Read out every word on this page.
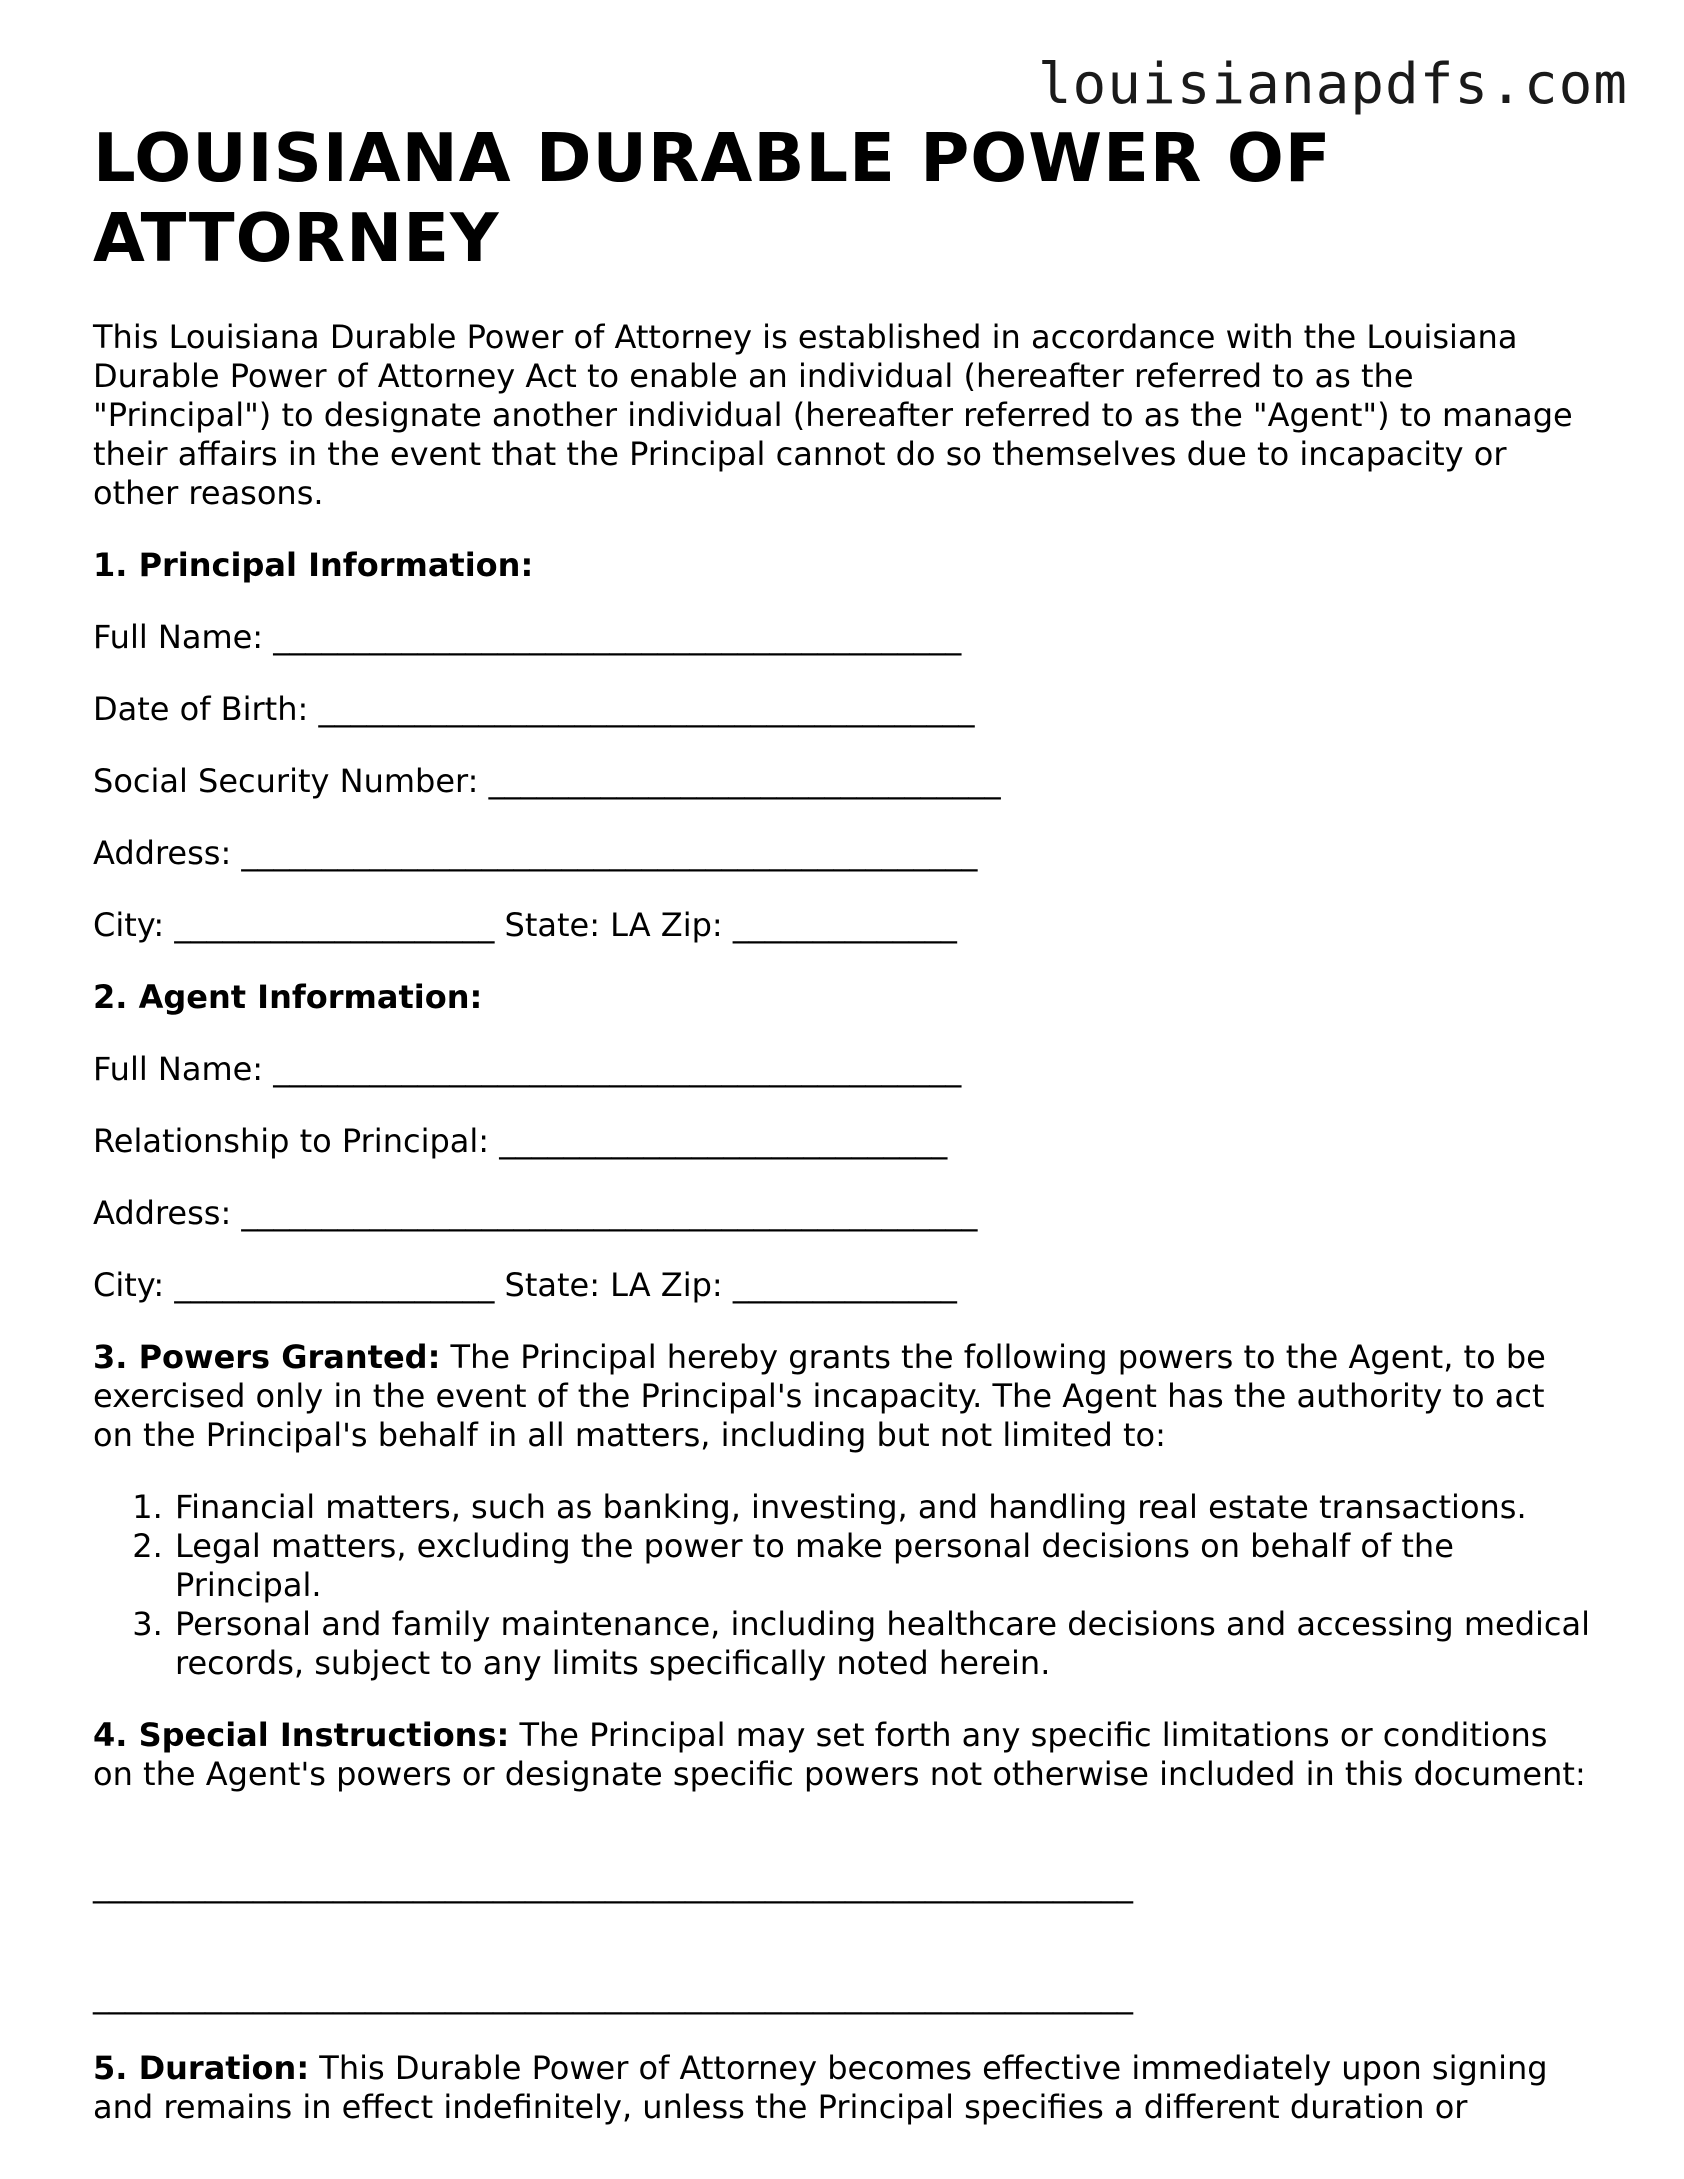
louisianapdfs.com
LOUISIANA DURABLE POWER OF ATTORNEY

This Louisiana Durable Power of Attorney is established in accordance with the Louisiana Durable Power of Attorney Act to enable an individual (hereafter referred to as the "Principal") to designate another individual (hereafter referred to as the "Agent") to manage their affairs in the event that the Principal cannot do so themselves due to incapacity or other reasons.

1. Principal Information:

Full Name: ___________________________________________

Date of Birth: _________________________________________

Social Security Number: ________________________________

Address: ______________________________________________

City: ____________________ State: LA Zip: ______________

2. Agent Information:

Full Name: ___________________________________________

Relationship to Principal: ____________________________

Address: ______________________________________________

City: ____________________ State: LA Zip: ______________

3. Powers Granted: The Principal hereby grants the following powers to the Agent, to be exercised only in the event of the Principal's incapacity. The Agent has the authority to act on the Principal's behalf in all matters, including but not limited to:

1. Financial matters, such as banking, investing, and handling real estate transactions.
2. Legal matters, excluding the power to make personal decisions on behalf of the Principal.
3. Personal and family maintenance, including healthcare decisions and accessing medical records, subject to any limits specifically noted herein.

4. Special Instructions: The Principal may set forth any specific limitations or conditions on the Agent's powers or designate specific powers not otherwise included in this document:

_________________________________________________________________

_________________________________________________________________

5. Duration: This Durable Power of Attorney becomes effective immediately upon signing and remains in effect indefinitely, unless the Principal specifies a different duration or
